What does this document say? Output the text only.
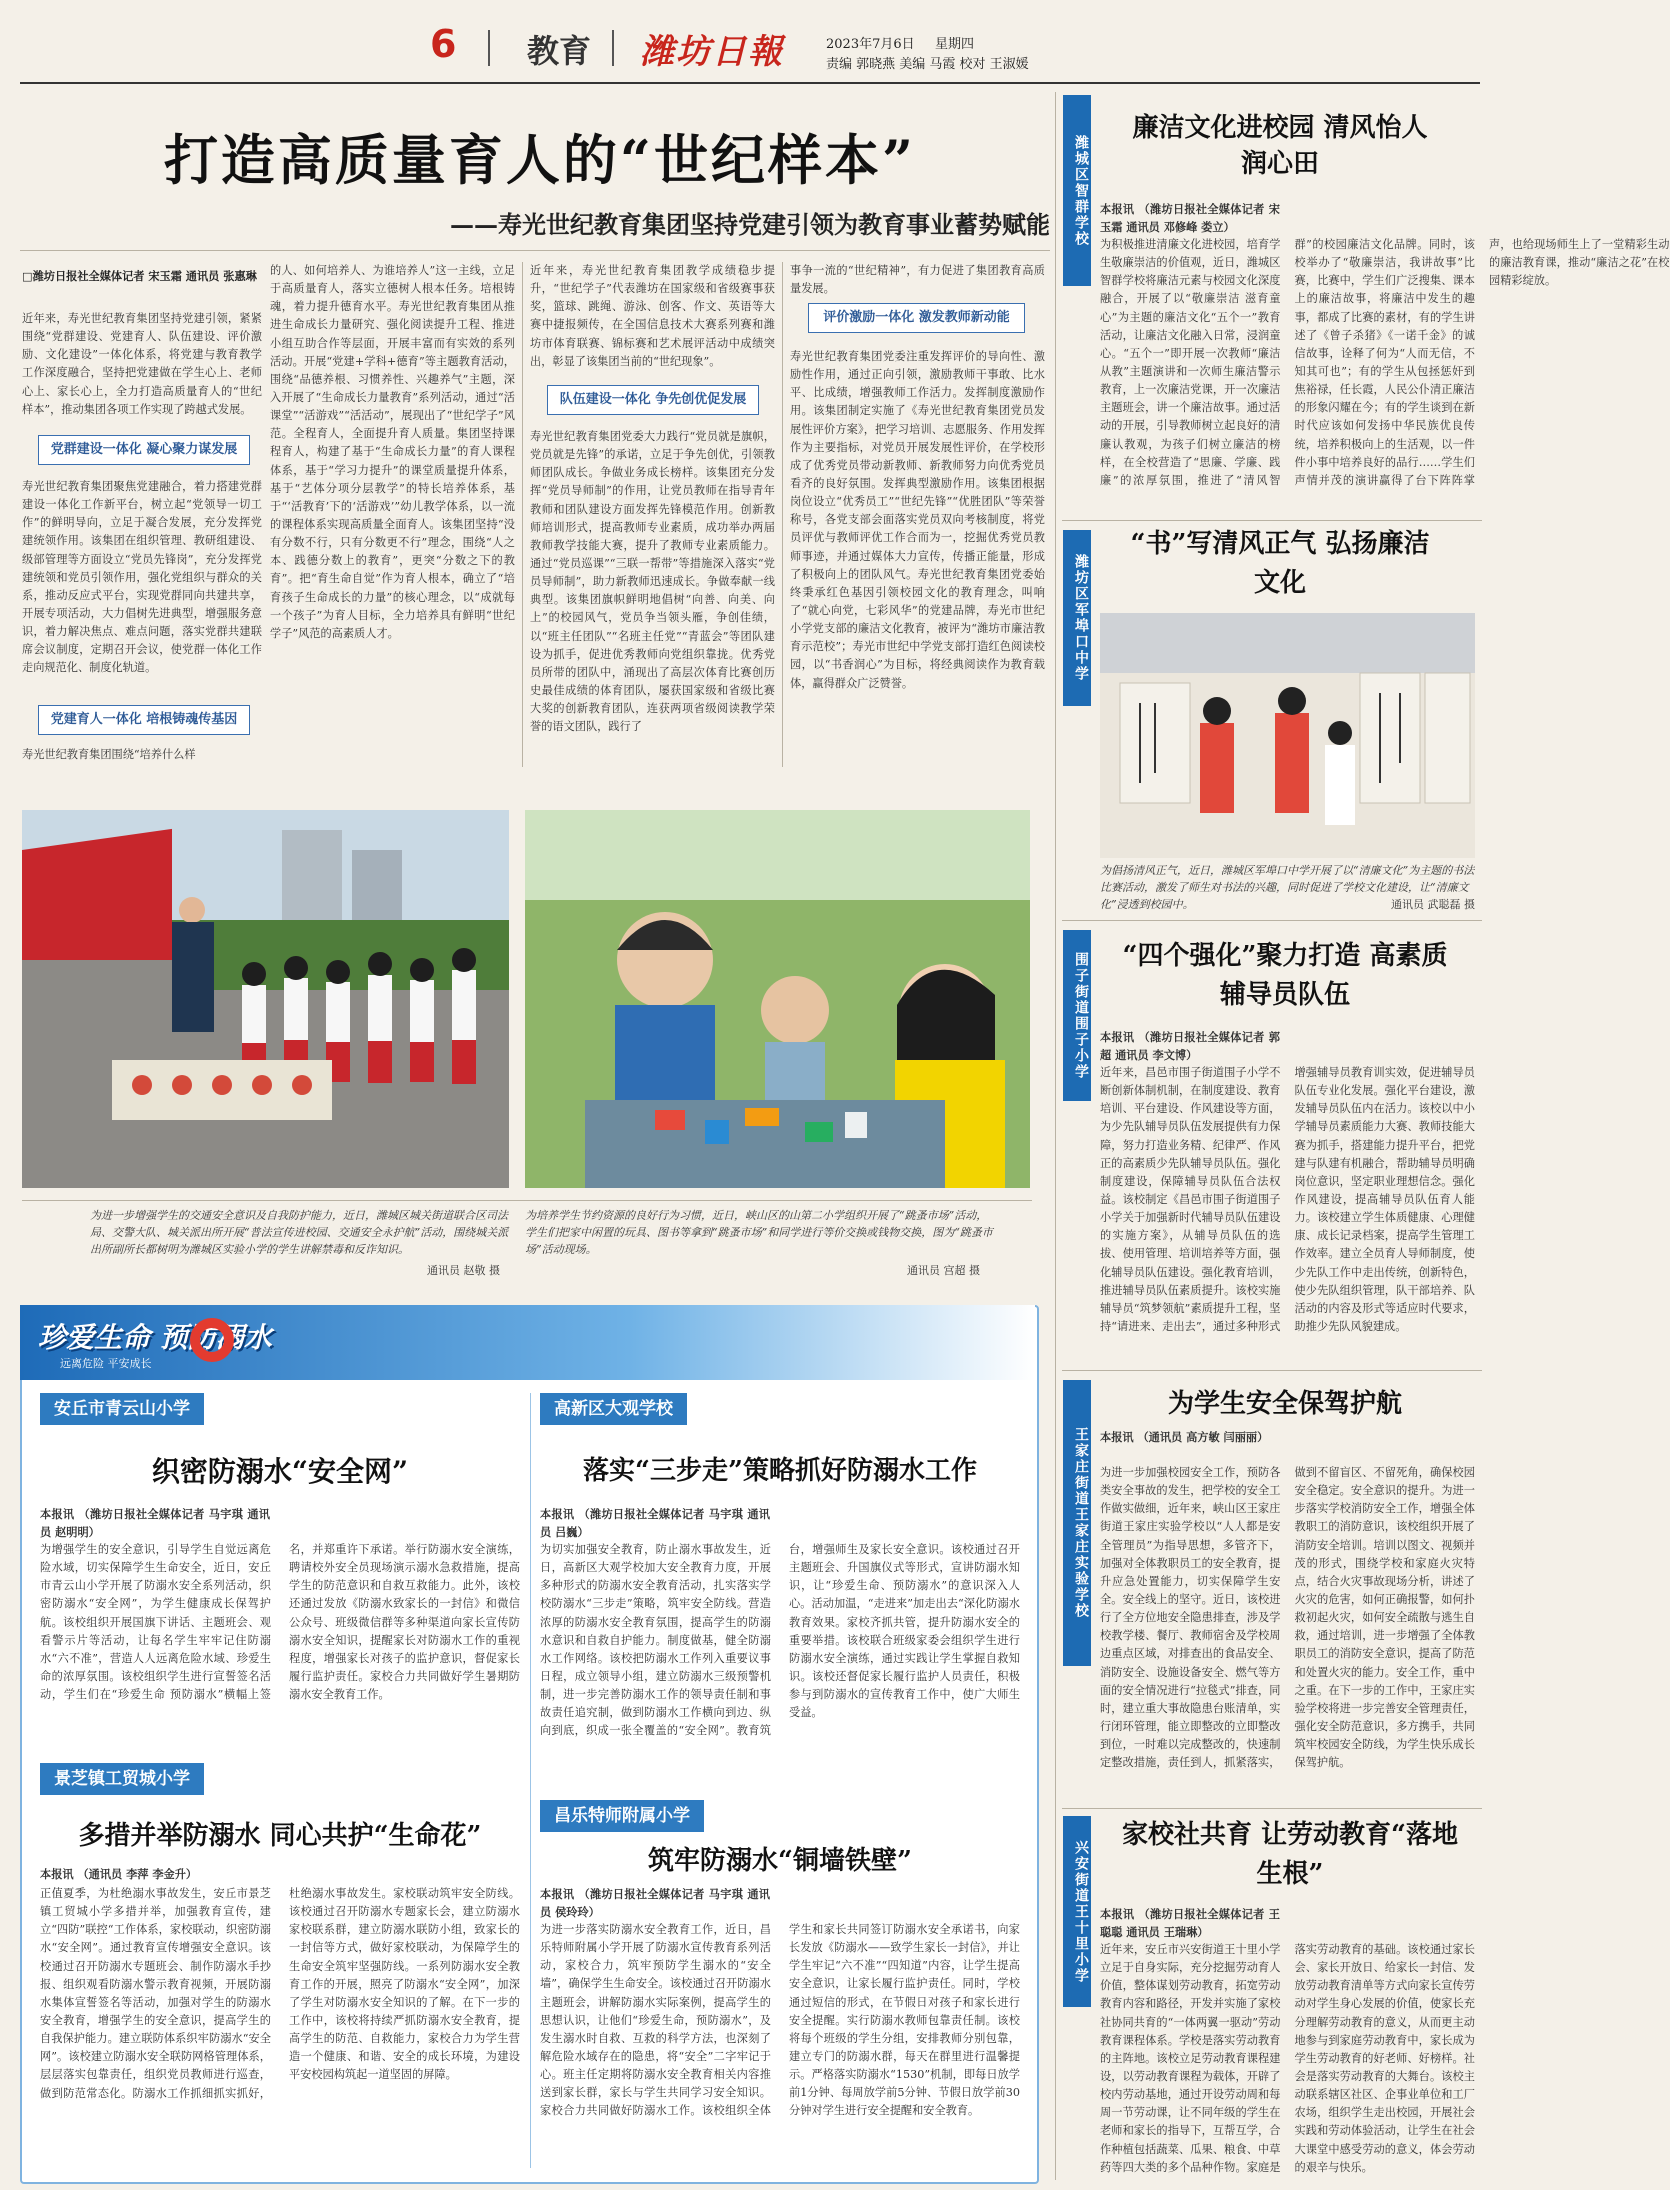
6 教育 潍坊日報	2023年7月6日 星期四
责编 郭晓燕 美编 马霞 校对 王淑媛
打造高质量育人的“世纪样本”
——寿光世纪教育集团坚持党建引领为教育事业蓄势赋能
□潍坊日报社全媒体记者 宋玉霜 通讯员 张惠琳
近年来，寿光世纪教育集团坚持党建引领，紧紧围绕“党群建设、党建育人、队伍建设、评价激励、文化建设”一体化体系，将党建与教育教学工作深度融合，坚持把党建做在学生心上、老师心上、家长心上，全力打造高质量育人的“世纪样本”，推动集团各项工作实现了跨越式发展。
党群建设一体化 凝心聚力谋发展
寿光世纪教育集团聚焦党建融合，着力搭建党群建设一体化工作新平台，树立起“党领导一切工作”的鲜明导向，立足于凝合发展，充分发挥党建统领作用。该集团在组织管理、教研组建设、级部管理等方面设立“党员先锋岗”，充分发挥党建统领和党员引领作用，强化党组织与群众的关系，推动反应式平台，实现党群同向共建共享，开展专项活动，大力倡树先进典型，增强服务意识，着力解决焦点、难点问题，落实党群共建联席会议制度，定期召开会议，使党群一体化工作走向规范化、制度化轨道。
党建育人一体化 培根铸魂传基因
寿光世纪教育集团围绕“培养什么样
的人、如何培养人、为谁培养人”这一主线，立足于高质量育人，落实立德树人根本任务。培根铸魂，着力提升德育水平。寿光世纪教育集团从推进生命成长力量研究、强化阅读提升工程、推进小组互助合作等层面，开展丰富而有实效的系列活动。开展“党建+学科+德育”等主题教育活动，围绕“品德养根、习惯养性、兴趣养气”主题，深入开展了“生命成长力量教育”系列活动，通过“活课堂”“活游戏”“活活动”，展现出了“世纪学子”风范。全程育人，全面提升育人质量。集团坚持课程育人，构建了基于“生命成长力量”的育人课程体系，基于“学习力提升”的课堂质量提升体系，基于“艺体分项分层教学”的特长培养体系，基于“‘活教育’下的‘活游戏’”幼儿教学体系，以一流的课程体系实现高质量全面育人。该集团坚持“没有分数不行，只有分数更不行”理念，围绕“人之本、践德分数上的教育”，更突“分数之下的教育”。把“育生命自觉”作为育人根本，确立了“培育孩子生命成长的力量”的核心理念，以“成就每一个孩子”为育人目标，全力培养具有鲜明“世纪学子”风范的高素质人才。
近年来，寿光世纪教育集团教学成绩稳步提升，“世纪学子”代表潍坊在国家级和省级赛事获奖，篮球、跳绳、游泳、创客、作文、英语等大赛中捷报频传，在全国信息技术大赛系列赛和潍坊市体育联赛、锦标赛和艺术展评活动中成绩突出，彰显了该集团当前的“世纪现象”。
队伍建设一体化 争先创优促发展
寿光世纪教育集团党委大力践行“党员就是旗帜，党员就是先锋”的承诺，立足于争先创优，引领教师团队成长。争做业务成长榜样。该集团充分发挥“党员导师制”的作用，让党员教师在指导青年教师和团队建设方面发挥先锋模范作用。创新教师培训形式，提高教师专业素质，成功举办两届教师教学技能大赛，提升了教师专业素质能力。通过“党员巡课”“三联一帮带”等措施深入落实“党员导师制”，助力新教师迅速成长。争做奉献一线典型。该集团旗帜鲜明地倡树“向善、向美、向上”的校园风气，党员争当领头雁，争创佳绩，以“班主任团队”“名班主任党”“青蓝会”等团队建设为抓手，促进优秀教师向党组织靠拢。优秀党员所带的团队中，涌现出了高层次体育比赛创历史最佳成绩的体育团队，屡获国家级和省级比赛大奖的创新教育团队，连获两项省级阅读教学荣誉的语文团队，践行了
事争一流的“世纪精神”，有力促进了集团教育高质量发展。
评价激励一体化 激发教师新动能
寿光世纪教育集团党委注重发挥评价的导向性、激励性作用，通过正向引领，激励教师干事敢、比水平、比成绩，增强教师工作活力。发挥制度激励作用。该集团制定实施了《寿光世纪教育集团党员发展性评价方案》，把学习培训、志愿服务、作用发挥作为主要指标，对党员开展发展性评价，在学校形成了优秀党员带动新教师、新教师努力向优秀党员看齐的良好氛围。发挥典型激励作用。该集团根据岗位设立“优秀员工”“世纪先锋”“优胜团队”等荣誉称号，各党支部会面落实党员双向考核制度，将党员评优与教师评优工作合而为一，挖掘优秀党员教师事迹，并通过媒体大力宣传，传播正能量，形成了积极向上的团队风气。寿光世纪教育集团党委始终秉承红色基因引领校园文化的教育理念，叫响了“就心向党，七彩风华”的党建品牌，寿光市世纪小学党支部的廉洁文化教育，被评为“潍坊市廉洁教育示范校”；寿光市世纪中学党支部打造红色阅读校园，以“书香润心”为目标，将经典阅读作为教育载体，赢得群众广泛赞誉。
为进一步增强学生的交通安全意识及自我防护能力，近日，潍城区城关街道联合区司法局、交警大队、城关派出所开展“普法宣传进校园、交通安全永护航”活动，围绕城关派出所副所长都树明为潍城区实验小学的学生讲解禁毒和反诈知识。
通讯员 赵敬 摄
为培养学生节约资源的良好行为习惯，近日，峡山区的山第二小学组织开展了“跳蚤市场”活动，学生们把家中闲置的玩具、图书等拿到“跳蚤市场”和同学进行等价交换或钱物交换，图为“跳蚤市场”活动现场。
通讯员 宫超 摄
珍爱生命 预防溺水
远离危险 平安成长
安丘市青云山小学
织密防溺水“安全网”
本报讯 （潍坊日报社全媒体记者 马宇琪 通讯员 赵明明）
为增强学生的安全意识，引导学生自觉远离危险水域，切实保障学生生命安全，近日，安丘市青云山小学开展了防溺水安全系列活动，织密防溺水“安全网”，为学生健康成长保驾护航。该校组织开展国旗下讲话、主题班会、观看警示片等活动，让每名学生牢牢记住防溺水“六不准”，营造人人远离危险水域、珍爱生命的浓厚氛围。该校组织学生进行宣誓签名活动，学生们在“珍爱生命 预防溺水”横幅上签名，并郑重许下承诺。举行防溺水安全演练，聘请校外安全员现场演示溺水急救措施，提高学生的防范意识和自救互救能力。此外，该校还通过发放《防溺水致家长的一封信》和微信公众号、班级微信群等多种渠道向家长宣传防溺水安全知识，提醒家长对防溺水工作的重视程度，增强家长对孩子的监护意识，督促家长履行监护责任。家校合力共同做好学生暑期防溺水安全教育工作。
高新区大观学校
落实“三步走”策略抓好防溺水工作
本报讯 （潍坊日报社全媒体记者 马宇琪 通讯员 吕巍）
为切实加强安全教育，防止溺水事故发生，近日，高新区大观学校加大安全教育力度，开展多种形式的防溺水安全教育活动，扎实落实学校防溺水“三步走”策略，筑牢安全防线。营造浓厚的防溺水安全教育氛围，提高学生的防溺水意识和自救自护能力。制度做基，健全防溺水工作网络。该校把防溺水工作列入重要议事日程，成立领导小组，建立防溺水三级预警机制，进一步完善防溺水工作的领导责任制和事故责任追究制，做到防溺水工作横向到边、纵向到底，织成一张全覆盖的“安全网”。教育筑台，增强师生及家长安全意识。该校通过召开主题班会、升国旗仪式等形式，宣讲防溺水知识，让“珍爱生命、预防溺水”的意识深入人心。活动加温，“走进来”加走出去“深化防溺水教育效果。家校齐抓共管，提升防溺水安全的重要举措。该校联合班级家委会组织学生进行防溺水安全演练，通过实践让学生掌握自救知识。该校还督促家长履行监护人员责任，积极参与到防溺水的宣传教育工作中，使广大师生受益。
景芝镇工贸城小学
多措并举防溺水 同心共护“生命花”
本报讯 （通讯员 李萍 李金升）
正值夏季，为杜绝溺水事故发生，安丘市景芝镇工贸城小学多措并举，加强教育宣传，建立“四防”联控“工作体系，家校联动，织密防溺水“安全网”。通过教育宣传增强安全意识。该校通过召开防溺水专题班会、制作防溺水手抄报、组织观看防溺水警示教育视频，开展防溺水集体宣誓签名等活动，加强对学生的防溺水安全教育，增强学生的安全意识，提高学生的自我保护能力。建立联防体系织牢防溺水“安全网”。该校建立防溺水安全联防网格管理体系，层层落实包靠责任，组织党员教师进行巡查，做到防范常态化。防溺水工作抓细抓实抓好，杜绝溺水事故发生。家校联动筑牢安全防线。该校通过召开防溺水专题家长会，建立防溺水家校联系群，建立防溺水联防小组，致家长的一封信等方式，做好家校联动，为保障学生的生命安全筑牢坚强防线。一系列防溺水安全教育工作的开展，照亮了防溺水“安全网”，加深了学生对防溺水安全知识的了解。在下一步的工作中，该校将持续严抓防溺水安全教育，提高学生的防范、自救能力，家校合力为学生营造一个健康、和谐、安全的成长环境，为建设平安校园构筑起一道坚固的屏障。
昌乐特师附属小学
筑牢防溺水“铜墙铁壁”
本报讯 （潍坊日报社全媒体记者 马宇琪 通讯员 侯玲玲）
为进一步落实防溺水安全教育工作，近日，昌乐特师附属小学开展了防溺水宣传教育系列活动，家校合力，筑牢预防学生溺水的“安全墙”，确保学生生命安全。该校通过召开防溺水主题班会，讲解防溺水实际案例，提高学生的思想认识，让他们“珍爱生命，预防溺水”，及发生溺水时自救、互救的科学方法，也深刻了解危险水域存在的隐患，将“安全”二字牢记于心。班主任定期将防溺水安全教育相关内容推送到家长群，家长与学生共同学习安全知识。家校合力共同做好防溺水工作。该校组织全体学生和家长共同签订防溺水安全承诺书，向家长发放《防溺水——致学生家长一封信》，并让学生牢记“六不准”“四知道”内容，让学生提高安全意识，让家长履行监护责任。同时，学校通过短信的形式，在节假日对孩子和家长进行安全提醒。实行防溺水教师包靠责任制。该校将每个班级的学生分组，安排教师分别包靠，建立专门的防溺水群，每天在群里进行温馨提示。严格落实防溺水“1530”机制，即每日放学前1分钟、每周放学前5分钟、节假日放学前30分钟对学生进行安全提醒和安全教育。
潍城区智群学校
廉洁文化进校园 清风怡人润心田
本报讯 （潍坊日报社全媒体记者 宋玉霜 通讯员 邓修峰 娄立）
为积极推进清廉文化进校园，培育学生敬廉崇洁的价值观，近日，潍城区智群学校将廉洁元素与校园文化深度融合，开展了以“敬廉崇洁 滋育童心”为主题的廉洁文化“五个一”教育活动，让廉洁文化融入日常，浸润童心。“五个一”即开展一次教师“廉洁从教”主题演讲和一次师生廉洁警示教育，上一次廉洁党课，开一次廉洁主题班会，讲一个廉洁故事。通过活动的开展，引导教师树立起良好的清廉认教观，为孩子们树立廉洁的榜样，在全校营造了“思廉、学廉、践廉”的浓厚氛围，推进了“清风智群”的校园廉洁文化品牌。同时，该校举办了“敬廉崇洁，我讲故事”比赛，比赛中，学生们广泛搜集、课本上的廉洁故事，将廉洁中发生的趣事，都成了比赛的素材，有的学生讲述了《曾子杀猪》《一诺千金》的诚信故事，诠释了何为“人而无信，不知其可也”；有的学生从包拯惩奸到焦裕禄，任长霞，人民公仆清正廉洁的形象闪耀在今；有的学生谈到在新时代应该如何发扬中华民族优良传统，培养积极向上的生活观，以一件件小事中培养良好的品行……学生们声情并茂的演讲赢得了台下阵阵掌声，也给现场师生上了一堂精彩生动的廉洁教育课，推动“廉洁之花”在校园精彩绽放。
潍坊区军埠口中学
“书”写清风正气 弘扬廉洁文化
为倡扬清风正气，近日，潍城区军埠口中学开展了以“清廉文化”为主题的书法比赛活动，激发了师生对书法的兴趣，同时促进了学校文化建设，让“清廉文化”浸透到校园中。	通讯员 武聪磊 摄
围子街道围子小学 “四个强化”聚力打造 高素质辅导员队伍
本报讯 （潍坊日报社全媒体记者 郭超 通讯员 李文博）
近年来，昌邑市围子街道围子小学不断创新体制机制，在制度建设、教育培训、平台建设、作风建设等方面，为少先队辅导员队伍发展提供有力保障，努力打造业务精、纪律严、作风正的高素质少先队辅导员队伍。强化制度建设，保障辅导员队伍合法权益。该校制定《昌邑市围子街道围子小学关于加强新时代辅导员队伍建设的实施方案》，从辅导员队伍的选拔、使用管理、培训培养等方面，强化辅导员队伍建设。强化教育培训，推进辅导员队伍素质提升。该校实施辅导员“筑梦领航”素质提升工程，坚持“请进来、走出去”，通过多种形式增强辅导员教育训实效，促进辅导员队伍专业化发展。强化平台建设，激发辅导员队伍内在活力。该校以中小学辅导员素质能力大赛、教师技能大赛为抓手，搭建能力提升平台，把党建与队建有机融合，帮助辅导员明确岗位意识，坚定职业理想信念。强化作风建设，提高辅导员队伍育人能力。该校建立学生体质健康、心理健康、成长记录档案，提高学生管理工作效率。建立全员育人导师制度，使少先队工作中走出传统，创新特色，使少先队组织管理，队干部培养、队活动的内容及形式等适应时代要求，助推少先队风貌建成。
王家庄街道王家庄实验学校
为学生安全保驾护航
本报讯 （通讯员 高方敏 闫丽丽）
为进一步加强校园安全工作，预防各类安全事故的发生，把学校的安全工作做实做细，近年来，峡山区王家庄街道王家庄实验学校以“人人都是安全管理员”为指导思想，多管齐下，加强对全体教职员工的安全教育，提升应急处置能力，切实保障学生安全。安全线上的坚守。近日，该校进行了全方位地安全隐患排查，涉及学校教学楼、餐厅、教师宿舍及学校周边重点区域，对排查出的食品安全、消防安全、设施设备安全、燃气等方面的安全情况进行“拉毯式”排查，同时，建立重大事故隐患台账清单，实行闭环管理，能立即整改的立即整改到位，一时难以完成整改的，快速制定整改措施，责任到人，抓紧落实，做到不留盲区、不留死角，确保校园安全稳定。安全意识的提升。为进一步落实学校消防安全工作，增强全体教职工的消防意识，该校组织开展了消防安全培训。培训以图文、视频并茂的形式，围绕学校和家庭火灾特点，结合火灾事故现场分析，讲述了火灾的危害，如何正确报警，如何扑救初起火灾，如何安全疏散与逃生自救，通过培训，进一步增强了全体教职员工的消防安全意识，提高了防范和处置火灾的能力。安全工作，重中之重。在下一步的工作中，王家庄实验学校将进一步完善安全管理责任，强化安全防范意识，多方携手，共同筑牢校园安全防线，为学生快乐成长保驾护航。
兴安街道王十里小学
家校社共育 让劳动教育“落地生根”
本报讯 （潍坊日报社全媒体记者 王聪聪 通讯员 王瑞琳）
近年来，安丘市兴安街道王十里小学立足于自身实际，充分挖掘劳动育人价值，整体谋划劳动教育，拓宽劳动教育内容和路径，开发并实施了家校社协同共育的“一体两翼一驱动”劳动教育课程体系。学校是落实劳动教育的主阵地。该校立足劳动教育课程建设，以劳动教育课程为载体，开辟了校内劳动基地，通过开设劳动周和每周一节劳动课，让不同年级的学生在老师和家长的指导下，互帮互学，合作种植包括蔬菜、瓜果、粮食、中草药等四大类的多个品种作物。家庭是落实劳动教育的基础。该校通过家长会、家长开放日、给家长一封信、发放劳动教育清单等方式向家长宣传劳动对学生身心发展的价值，使家长充分理解劳动教育的意义，从而更主动地参与到家庭劳动教育中，家长成为学生劳动教育的好老师、好榜样。社会是落实劳动教育的大舞台。该校主动联系辖区社区、企事业单位和工厂农场，组织学生走出校园，开展社会实践和劳动体验活动，让学生在社会大课堂中感受劳动的意义，体会劳动的艰辛与快乐。
